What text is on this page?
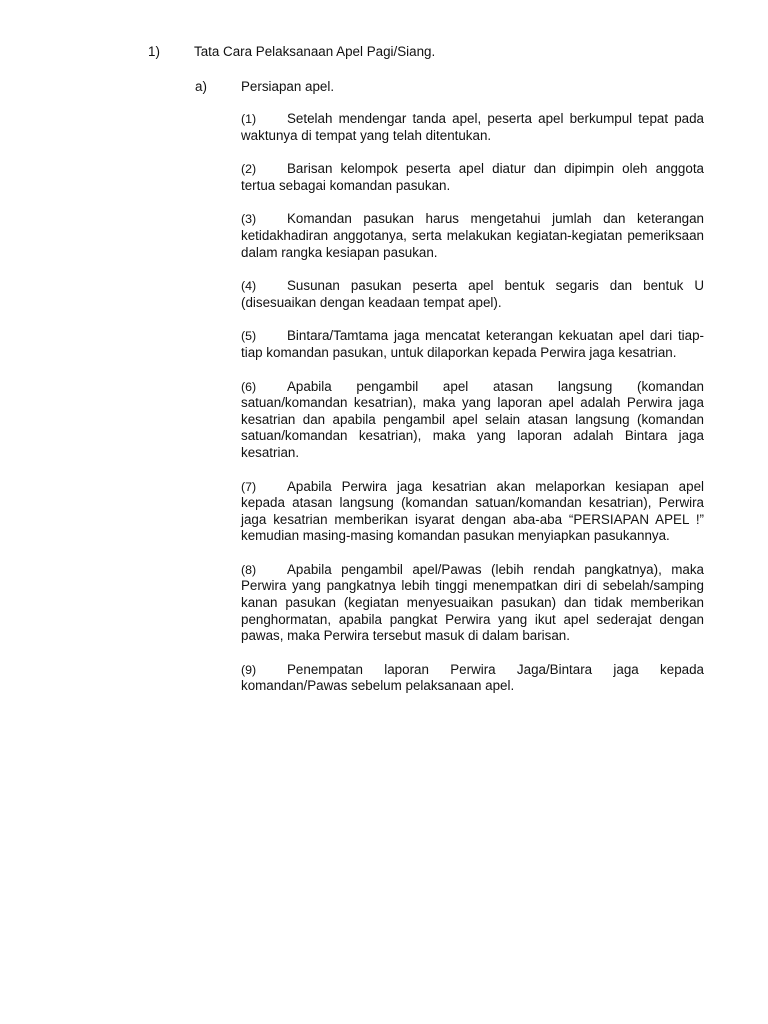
1)	Tata Cara Pelaksanaan Apel Pagi/Siang.
a)	Persiapan apel.

(1) Setelah mendengar tanda apel, peserta apel berkumpul tepat pada waktunya di tempat yang telah ditentukan.

(2) Barisan kelompok peserta apel diatur dan dipimpin oleh anggota tertua sebagai komandan pasukan.

(3) Komandan pasukan harus mengetahui jumlah dan keterangan ketidakhadiran anggotanya, serta melakukan kegiatan-kegiatan pemeriksaan dalam rangka kesiapan pasukan.

(4) Susunan pasukan peserta apel bentuk segaris dan bentuk U (disesuaikan dengan keadaan tempat apel).

(5) Bintara/Tamtama jaga mencatat keterangan kekuatan apel dari tiap-tiap komandan pasukan, untuk dilaporkan kepada Perwira jaga kesatrian.

(6) Apabila pengambil apel atasan langsung (komandan satuan/komandan kesatrian), maka yang laporan apel adalah Perwira jaga kesatrian dan apabila pengambil apel selain atasan langsung (komandan satuan/komandan kesatrian), maka yang laporan adalah Bintara jaga kesatrian.

(7) Apabila Perwira jaga kesatrian akan melaporkan kesiapan apel kepada atasan langsung (komandan satuan/komandan kesatrian), Perwira jaga kesatrian memberikan isyarat dengan aba-aba “PERSIAPAN APEL !” kemudian masing-masing komandan pasukan menyiapkan pasukannya.

(8) Apabila pengambil apel/Pawas (lebih rendah pangkatnya), maka Perwira yang pangkatnya lebih tinggi menempatkan diri di sebelah/samping kanan pasukan (kegiatan menyesuaikan pasukan) dan tidak memberikan penghormatan, apabila pangkat Perwira yang ikut apel sederajat dengan pawas, maka Perwira tersebut masuk di dalam barisan.

(9) Penempatan laporan Perwira Jaga/Bintara jaga kepada komandan/Pawas sebelum pelaksanaan apel.
